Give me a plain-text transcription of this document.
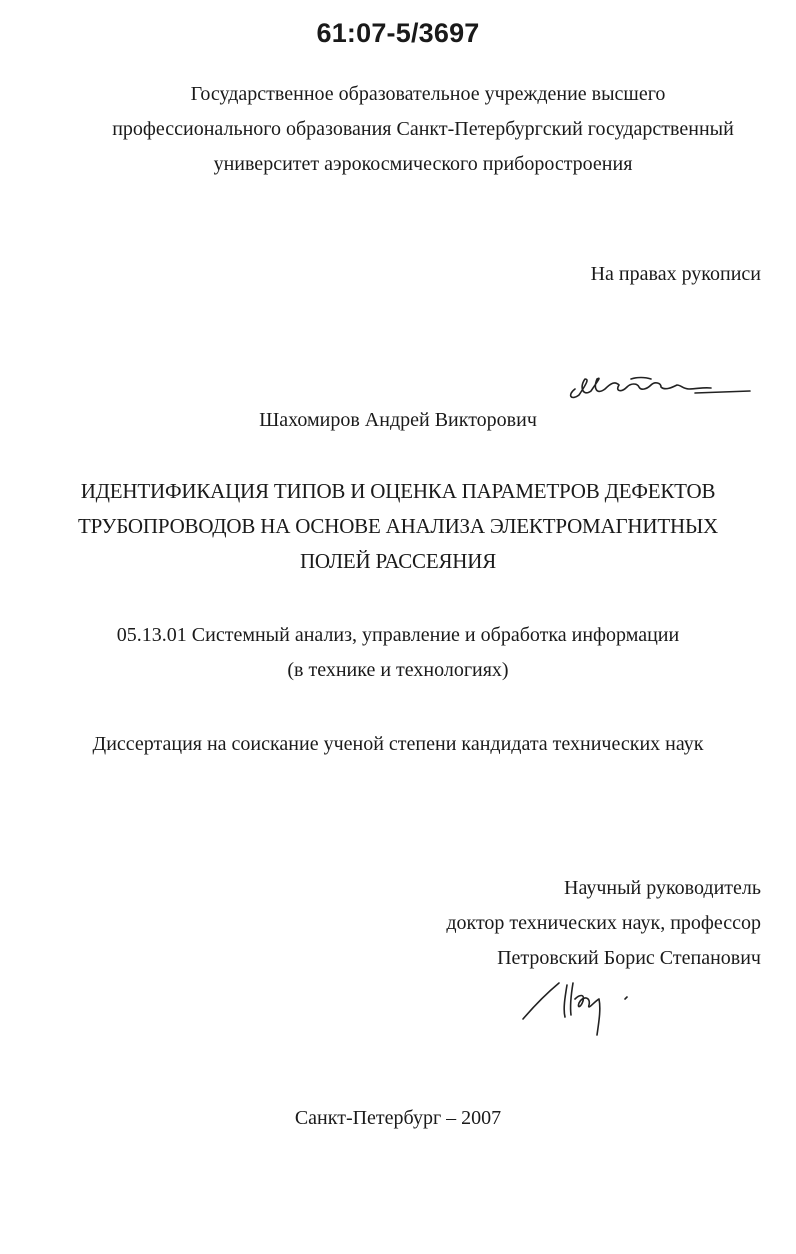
61:07-5/3697
Государственное образовательное учреждение высшего
профессионального образования Санкт-Петербургский государственный
университет аэрокосмического приборостроения
На правах рукописи
Шахомиров Андрей Викторович
ИДЕНТИФИКАЦИЯ ТИПОВ И ОЦЕНКА ПАРАМЕТРОВ ДЕФЕКТОВ
ТРУБОПРОВОДОВ НА ОСНОВЕ АНАЛИЗА ЭЛЕКТРОМАГНИТНЫХ
ПОЛЕЙ РАССЕЯНИЯ
05.13.01 Системный анализ, управление и обработка информации
(в технике и технологиях)
Диссертация на соискание ученой степени кандидата технических наук
Научный руководитель
доктор технических наук, профессор
Петровский Борис Степанович
Санкт-Петербург – 2007
